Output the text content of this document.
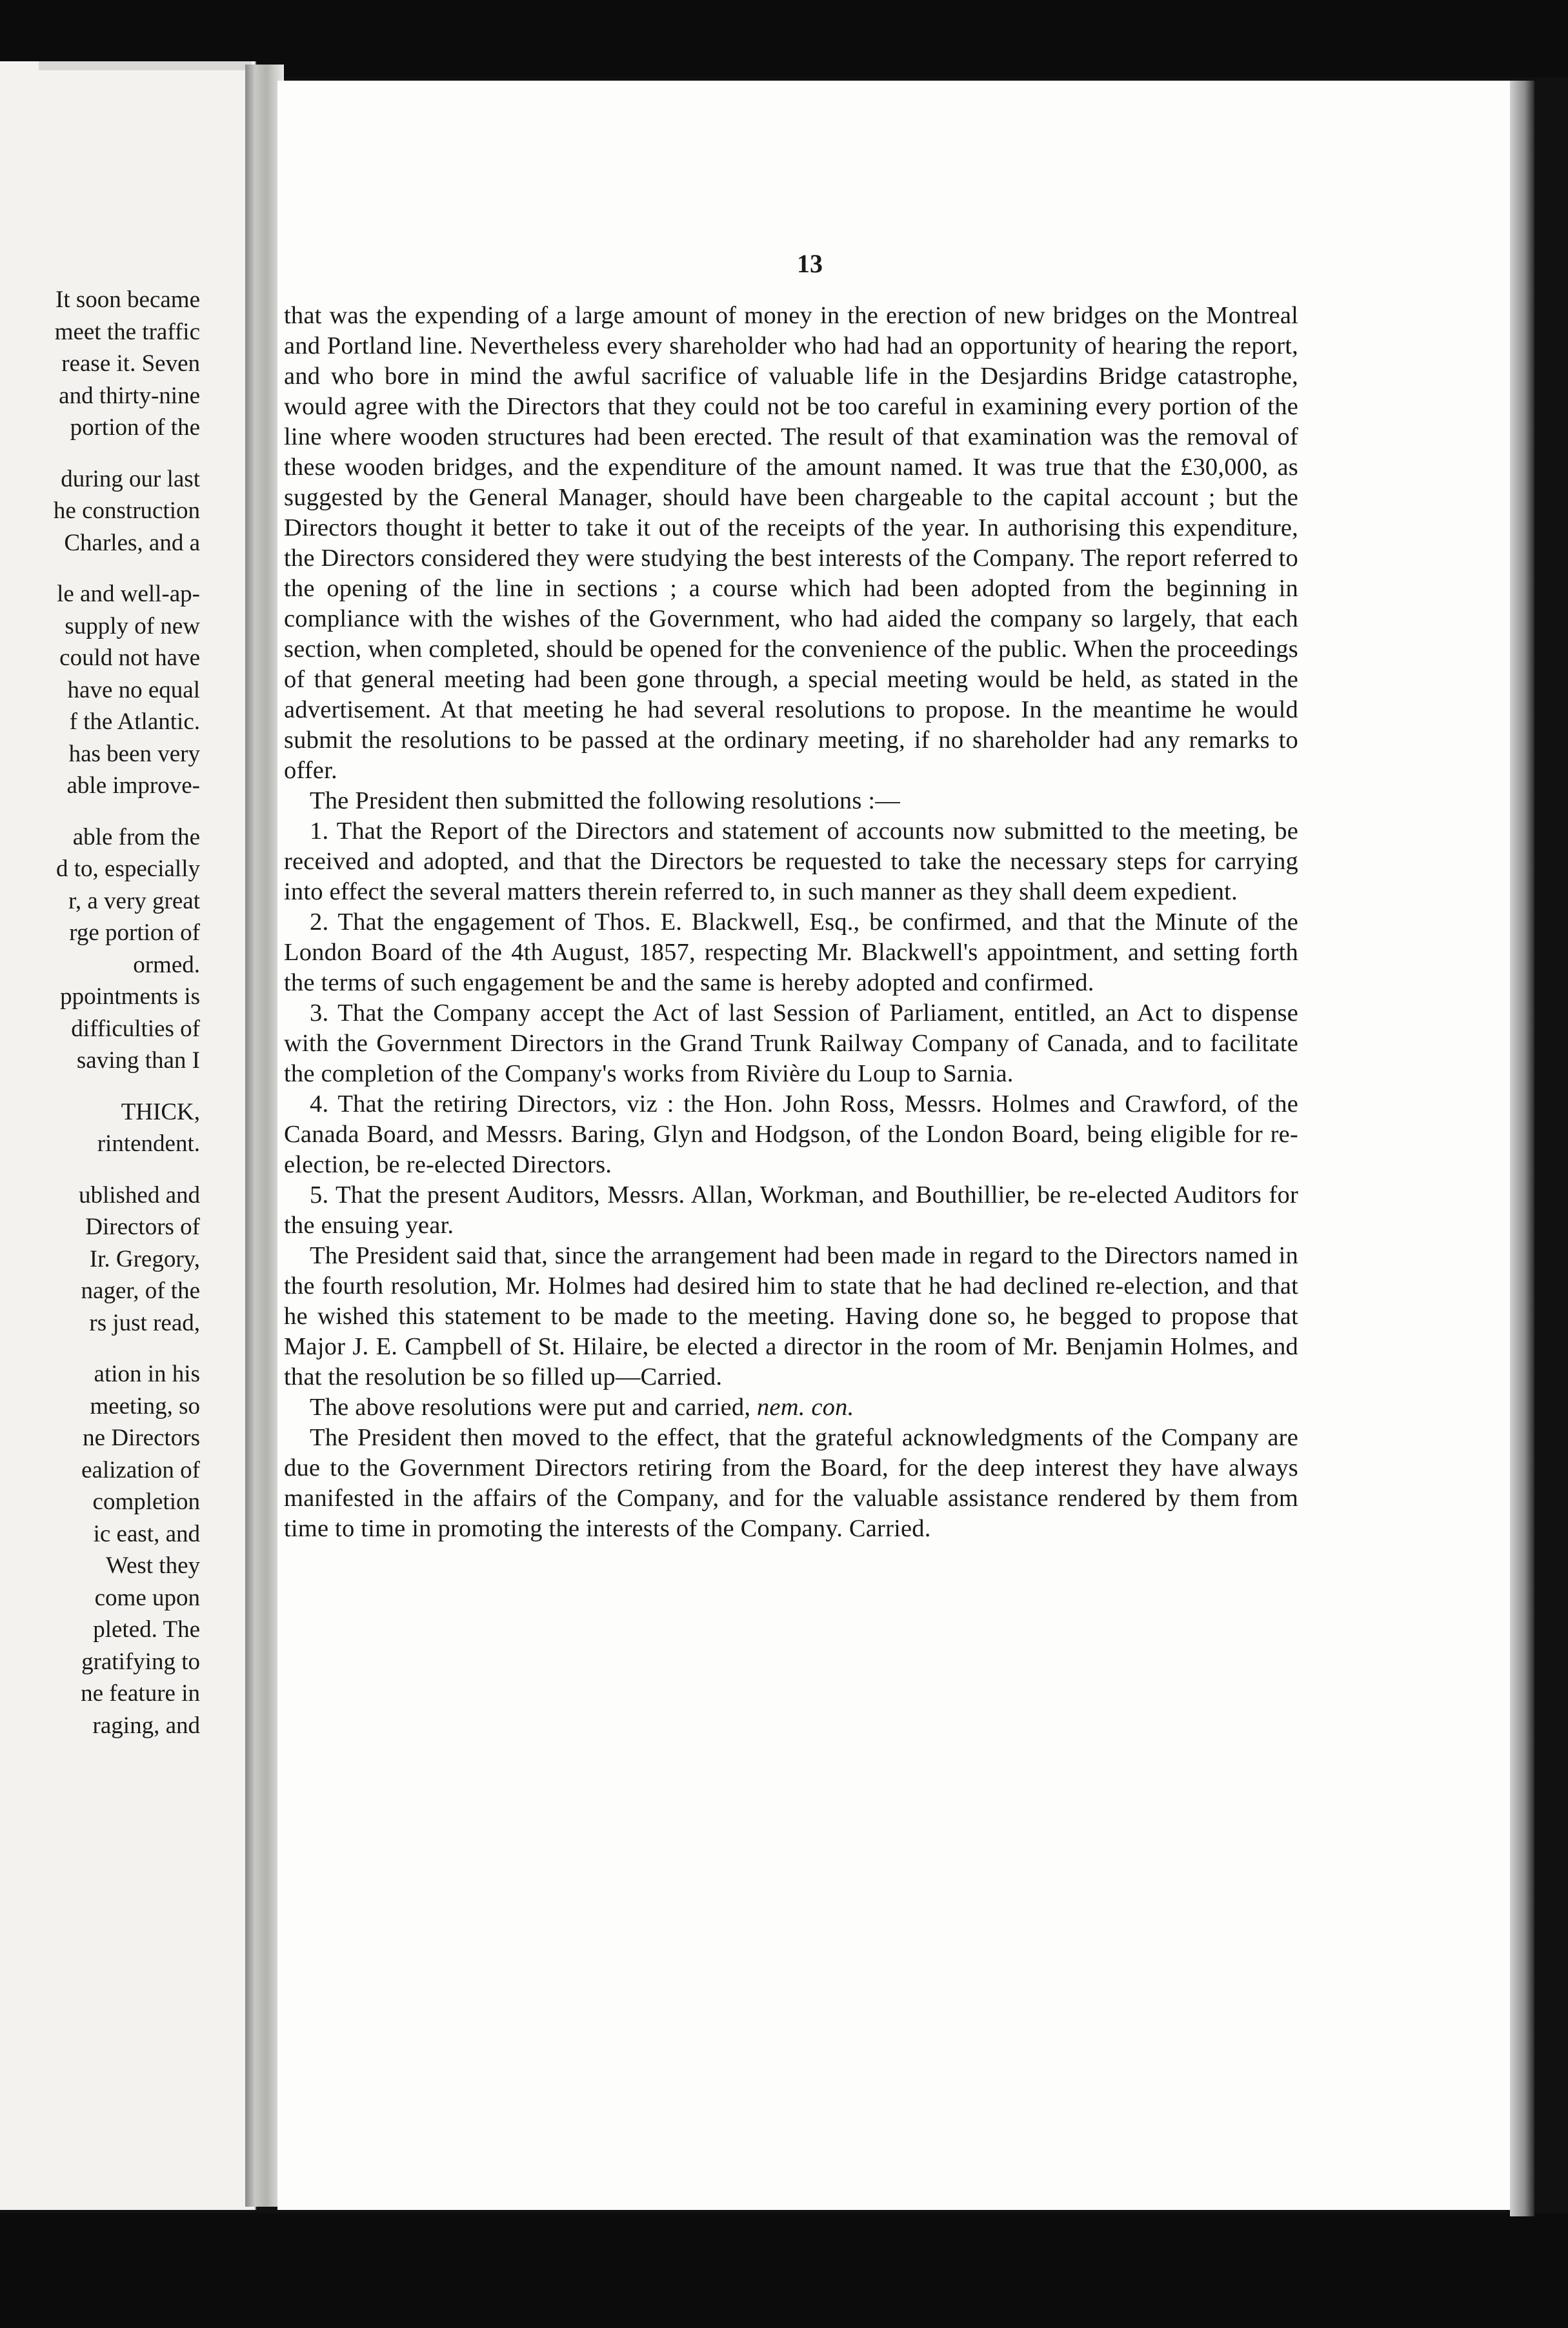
It soon became
meet the traffic
rease it. Seven
and thirty-nine
portion of the
during our last
he construction
Charles, and a
le and well-ap-
supply of new
could not have
have no equal
f the Atlantic.
has been very
able improve-
able from the
d to, especially
r, a very great
rge portion of
ormed.
ppointments is
difficulties of
saving than I
THICK,
rintendent.
ublished and
Directors of
Ir. Gregory,
nager, of the
rs just read,
ation in his
meeting, so
ne Directors
ealization of
completion
ic east, and
West they
come upon
pleted. The
gratifying to
ne feature in
raging, and
13

that was the expending of a large amount of money in the erection of new bridges on the Montreal and Portland line. Nevertheless every shareholder who had had an opportunity of hearing the report, and who bore in mind the awful sacrifice of valuable life in the Desjardins Bridge catastrophe, would agree with the Directors that they could not be too careful in examining every portion of the line where wooden structures had been erected. The result of that examination was the removal of these wooden bridges, and the expenditure of the amount named. It was true that the £30,000, as suggested by the General Manager, should have been chargeable to the capital account ; but the Directors thought it better to take it out of the receipts of the year. In authorising this expenditure, the Directors considered they were studying the best interests of the Company. The report referred to the opening of the line in sections ; a course which had been adopted from the beginning in compliance with the wishes of the Government, who had aided the company so largely, that each section, when completed, should be opened for the convenience of the public. When the proceedings of that general meeting had been gone through, a special meeting would be held, as stated in the advertisement. At that meeting he had several resolutions to propose. In the meantime he would submit the resolutions to be passed at the ordinary meeting, if no shareholder had any remarks to offer.

The President then submitted the following resolutions :—

1. That the Report of the Directors and statement of accounts now submitted to the meeting, be received and adopted, and that the Directors be requested to take the necessary steps for carrying into effect the several matters therein referred to, in such manner as they shall deem expedient.

2. That the engagement of Thos. E. Blackwell, Esq., be confirmed, and that the Minute of the London Board of the 4th August, 1857, respecting Mr. Blackwell's appointment, and setting forth the terms of such engagement be and the same is hereby adopted and confirmed.

3. That the Company accept the Act of last Session of Parliament, entitled, an Act to dispense with the Government Directors in the Grand Trunk Railway Company of Canada, and to facilitate the completion of the Company's works from Rivière du Loup to Sarnia.

4. That the retiring Directors, viz : the Hon. John Ross, Messrs. Holmes and Crawford, of the Canada Board, and Messrs. Baring, Glyn and Hodgson, of the London Board, being eligible for re-election, be re-elected Directors.

5. That the present Auditors, Messrs. Allan, Workman, and Bouthillier, be re-elected Auditors for the ensuing year.

The President said that, since the arrangement had been made in regard to the Directors named in the fourth resolution, Mr. Holmes had desired him to state that he had declined re-election, and that he wished this statement to be made to the meeting. Having done so, he begged to propose that Major J. E. Campbell of St. Hilaire, be elected a director in the room of Mr. Benjamin Holmes, and that the resolution be so filled up—Carried.

The above resolutions were put and carried, nem. con.

The President then moved to the effect, that the grateful acknowledgments of the Company are due to the Government Directors retiring from the Board, for the deep interest they have always manifested in the affairs of the Company, and for the valuable assistance rendered by them from time to time in promoting the interests of the Company. Carried.
